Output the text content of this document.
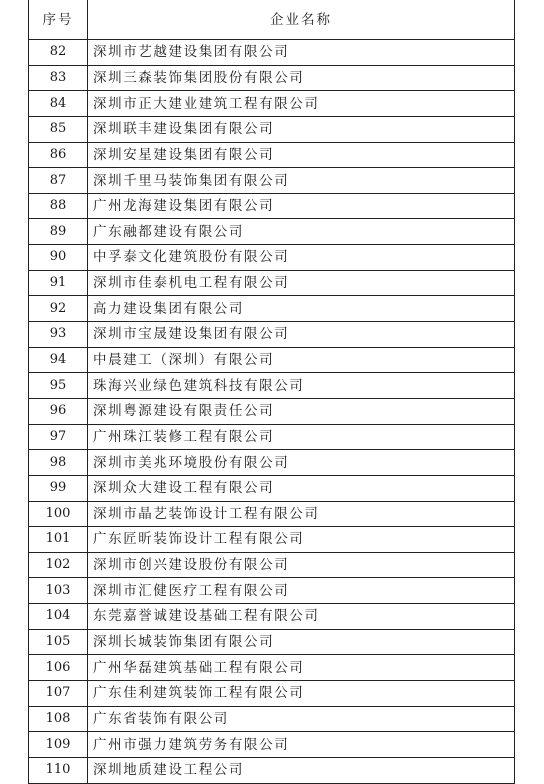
序号	企业名称
82	深圳市艺越建设集团有限公司
83	深圳三森装饰集团股份有限公司
84	深圳市正大建业建筑工程有限公司
85	深圳联丰建设集团有限公司
86	深圳安星建设集团有限公司
87	深圳千里马装饰集团有限公司
88	广州龙海建设集团有限公司
89	广东融都建设有限公司
90	中孚泰文化建筑股份有限公司
91	深圳市佳泰机电工程有限公司
92	高力建设集团有限公司
93	深圳市宝晟建设集团有限公司
94	中晨建工（深圳）有限公司
95	珠海兴业绿色建筑科技有限公司
96	深圳粤源建设有限责任公司
97	广州珠江装修工程有限公司
98	深圳市美兆环境股份有限公司
99	深圳众大建设工程有限公司
100	深圳市晶艺装饰设计工程有限公司
101	广东匠昕装饰设计工程有限公司
102	深圳市创兴建设股份有限公司
103	深圳市汇健医疗工程有限公司
104	东莞嘉誉诚建设基础工程有限公司
105	深圳长城装饰集团有限公司
106	广州华磊建筑基础工程有限公司
107	广东佳利建筑装饰工程有限公司
108	广东省装饰有限公司
109	广州市强力建筑劳务有限公司
110	深圳地质建设工程公司
